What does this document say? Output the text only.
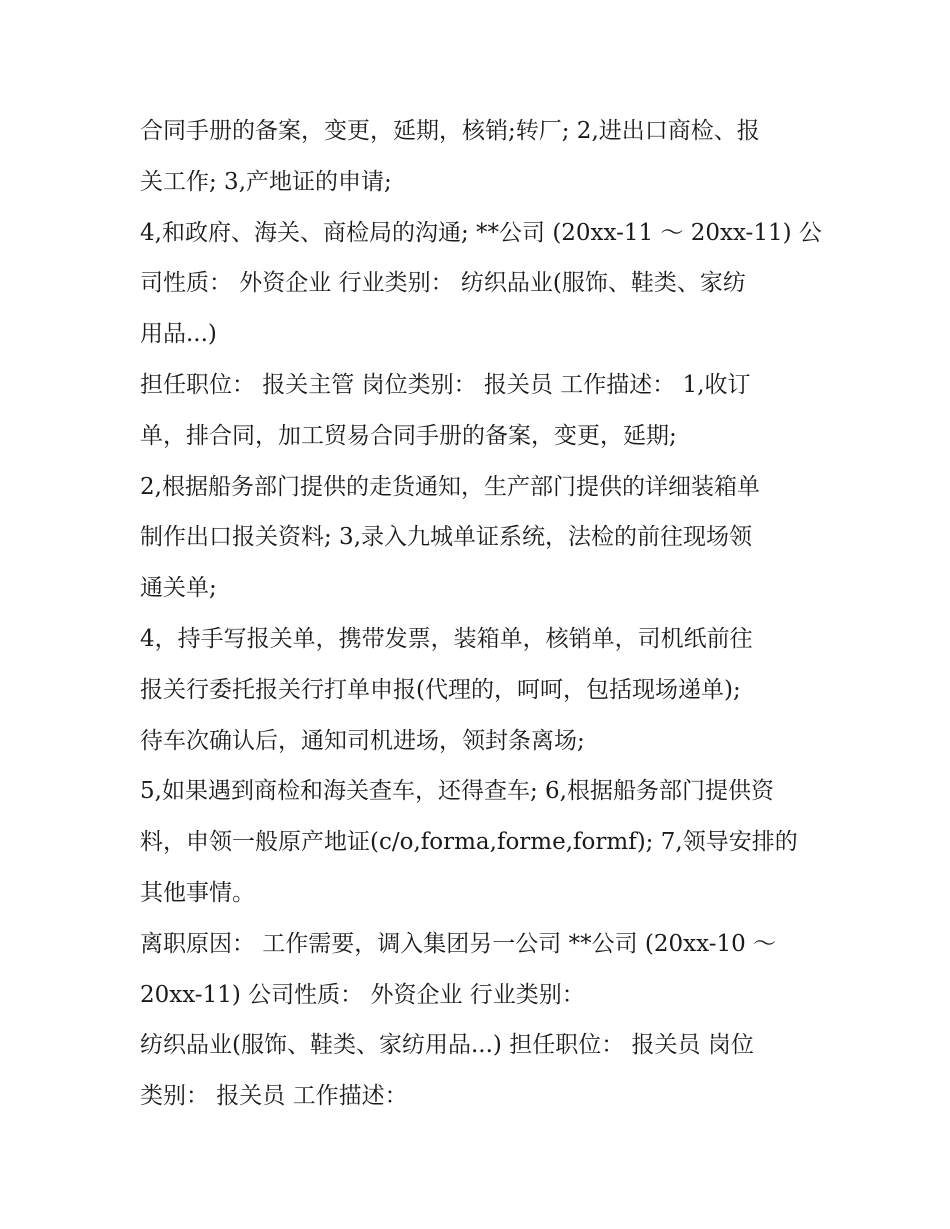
合同手册的备案，变更，延期，核销;转厂; 2,进出口商检、报
关工作; 3,产地证的申请;
4,和政府、海关、商检局的沟通; **公司 (20xx-11 ～ 20xx-11) 公
司性质： 外资企业 行业类别： 纺织品业(服饰、鞋类、家纺
用品...)
担任职位： 报关主管 岗位类别： 报关员 工作描述： 1,收订
单，排合同，加工贸易合同手册的备案，变更，延期;
2,根据船务部门提供的走货通知，生产部门提供的详细装箱单
制作出口报关资料; 3,录入九城单证系统，法检的前往现场领
通关单;
4，持手写报关单，携带发票，装箱单，核销单，司机纸前往
报关行委托报关行打单申报(代理的，呵呵，包括现场递单);
待车次确认后，通知司机进场，领封条离场;
5,如果遇到商检和海关查车，还得查车; 6,根据船务部门提供资
料，申领一般原产地证(c/o,forma,forme,formf); 7,领导安排的
其他事情。
离职原因： 工作需要，调入集团另一公司 **公司 (20xx-10 ～
20xx-11) 公司性质： 外资企业 行业类别：
纺织品业(服饰、鞋类、家纺用品...) 担任职位： 报关员 岗位
类别： 报关员 工作描述：
